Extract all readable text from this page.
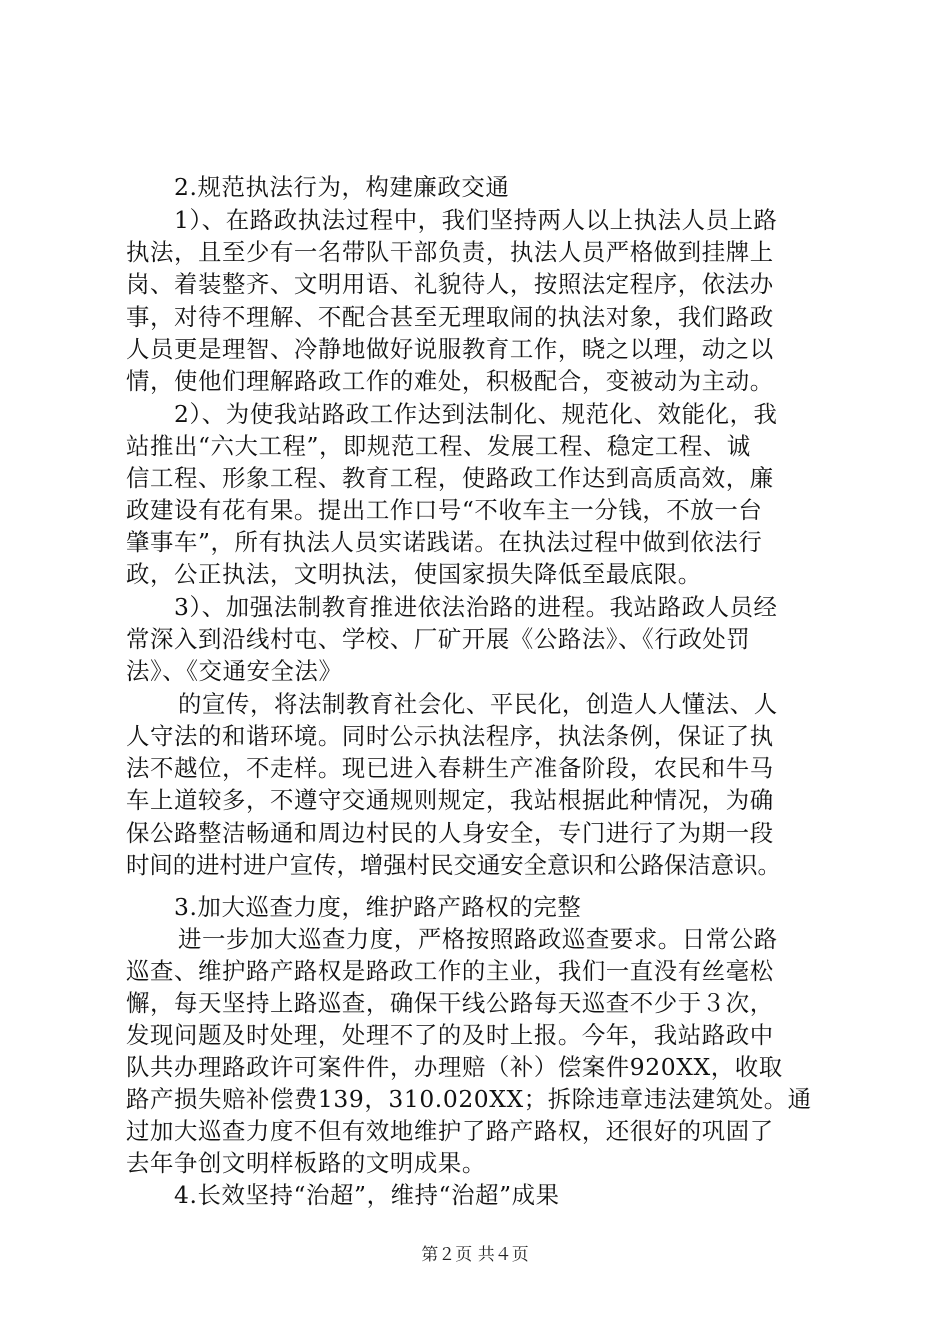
2.规范执法行为，构建廉政交通
1）、在路政执法过程中，我们坚持两人以上执法人员上路
执法，且至少有一名带队干部负责，执法人员严格做到挂牌上
岗、着装整齐、文明用语、礼貌待人，按照法定程序，依法办
事，对待不理解、不配合甚至无理取闹的执法对象，我们路政
人员更是理智、冷静地做好说服教育工作，晓之以理，动之以
情，使他们理解路政工作的难处，积极配合，变被动为主动。
2）、为使我站路政工作达到法制化、规范化、效能化，我
站推出“六大工程”，即规范工程、发展工程、稳定工程、诚
信工程、形象工程、教育工程，使路政工作达到高质高效，廉
政建设有花有果。提出工作口号“不收车主一分钱，不放一台
肇事车”，所有执法人员实诺践诺。在执法过程中做到依法行
政，公正执法，文明执法，使国家损失降低至最底限。
3）、加强法制教育推进依法治路的进程。我站路政人员经
常深入到沿线村屯、学校、厂矿开展《公路法》、《行政处罚
法》、《交通安全法》
的宣传，将法制教育社会化、平民化，创造人人懂法、人
人守法的和谐环境。同时公示执法程序，执法条例，保证了执
法不越位，不走样。现已进入春耕生产准备阶段，农民和牛马
车上道较多，不遵守交通规则规定，我站根据此种情况，为确
保公路整洁畅通和周边村民的人身安全，专门进行了为期一段
时间的进村进户宣传，增强村民交通安全意识和公路保洁意识。
3.加大巡查力度，维护路产路权的完整
进一步加大巡查力度，严格按照路政巡查要求。日常公路
巡查、维护路产路权是路政工作的主业，我们一直没有丝毫松
懈，每天坚持上路巡查，确保干线公路每天巡查不少于３次，
发现问题及时处理，处理不了的及时上报。今年，我站路政中
队共办理路政许可案件件，办理赔（补）偿案件920XX，收取
路产损失赔补偿费139，310.020XX；拆除违章违法建筑处。通
过加大巡查力度不但有效地维护了路产路权，还很好的巩固了
去年争创文明样板路的文明成果。
4.长效坚持“治超”，维持“治超”成果
第２页 共４页
